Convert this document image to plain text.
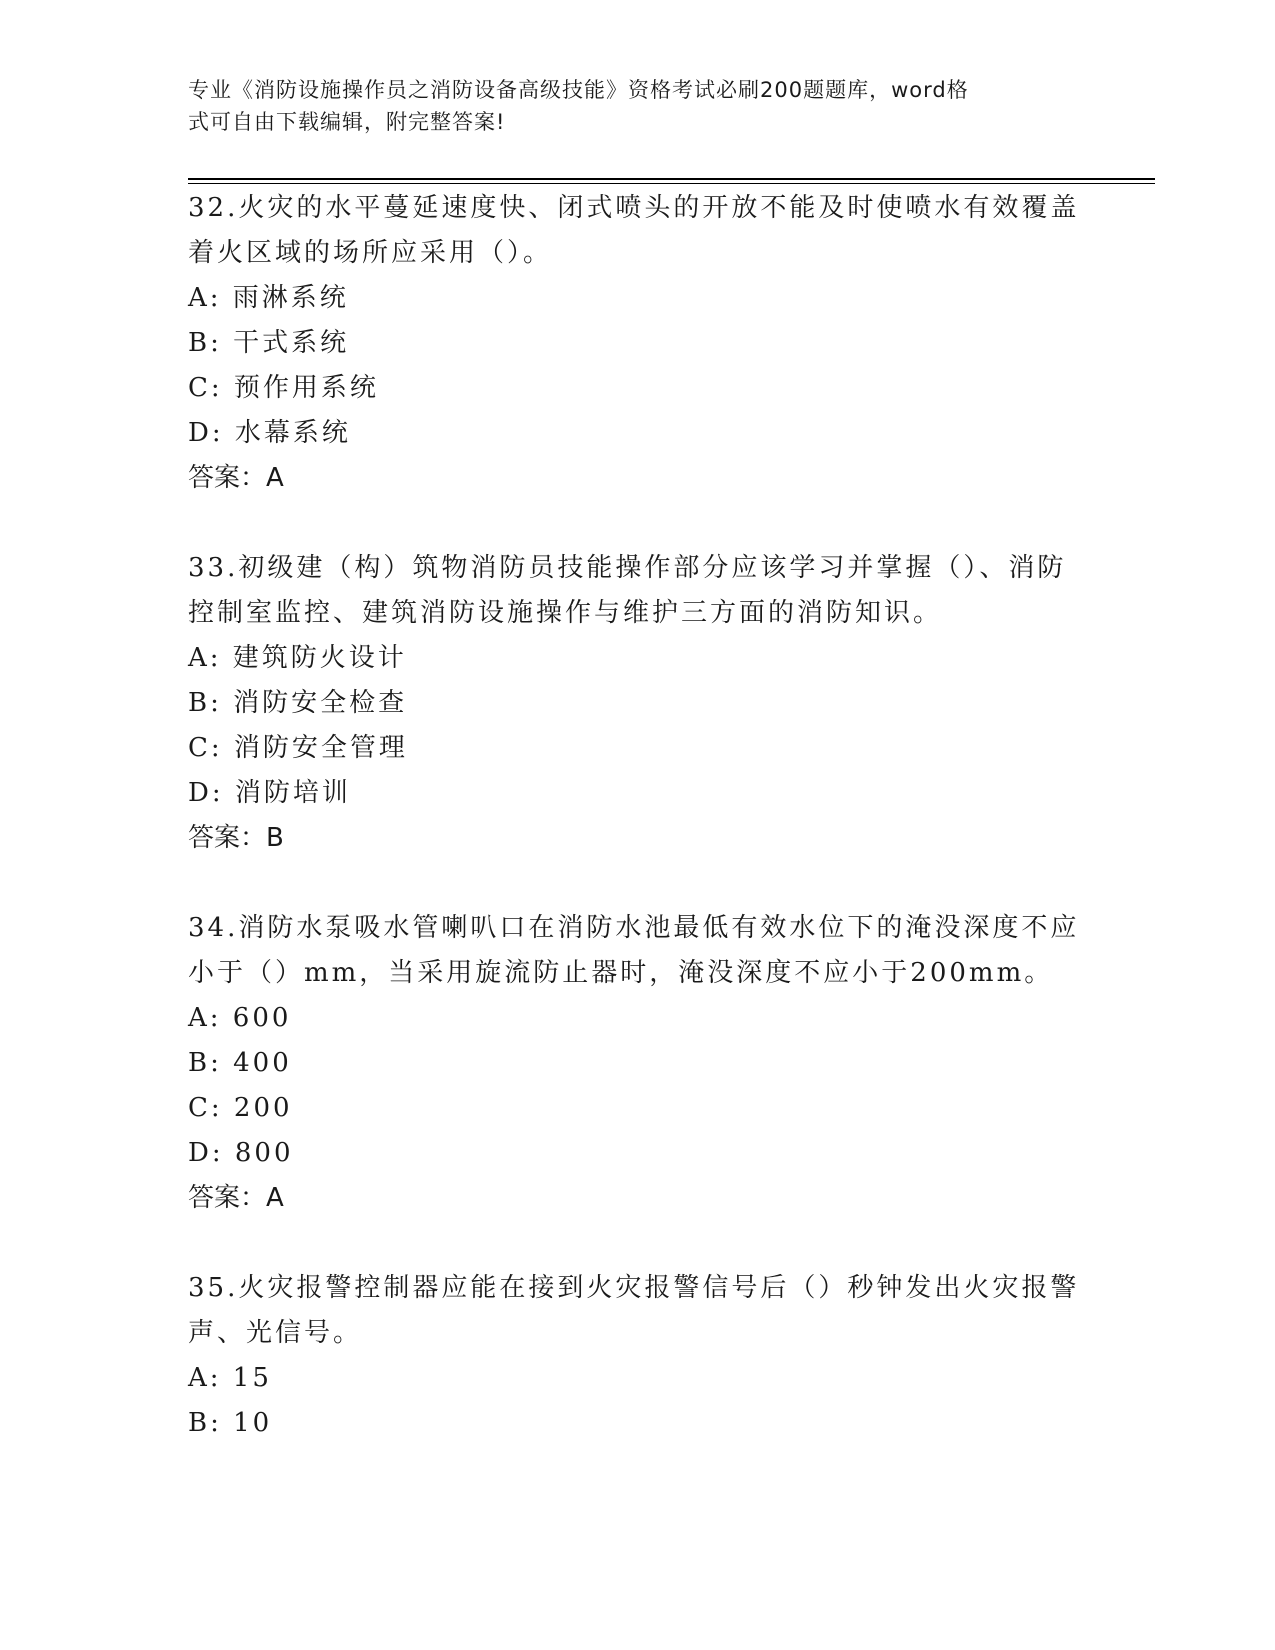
专业《消防设施操作员之消防设备高级技能》资格考试必刷200题题库，word格
式可自由下载编辑，附完整答案!

32.火灾的水平蔓延速度快、闭式喷头的开放不能及时使喷水有效覆盖

着火区域的场所应采用（）。

A: 雨淋系统

B: 干式系统

C: 预作用系统

D: 水幕系统

答案：A

33.初级建（构）筑物消防员技能操作部分应该学习并掌握（）、消防

控制室监控、建筑消防设施操作与维护三方面的消防知识。

A: 建筑防火设计

B: 消防安全检查

C: 消防安全管理

D: 消防培训

答案：B

34.消防水泵吸水管喇叭口在消防水池最低有效水位下的淹没深度不应

小于（）mm，当采用旋流防止器时，淹没深度不应小于200mm。

A: 600

B: 400

C: 200

D: 800

答案：A

35.火灾报警控制器应能在接到火灾报警信号后（）秒钟发出火灾报警

声、光信号。

A: 15

B: 10
